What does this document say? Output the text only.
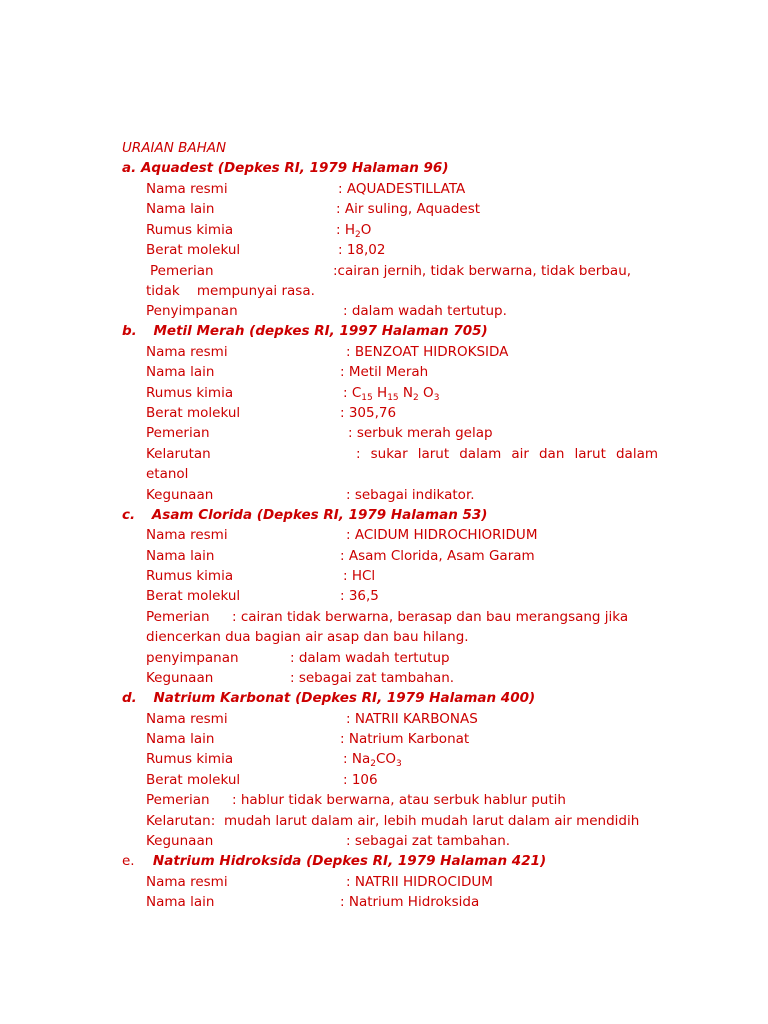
URAIAN BAHAN
a. Aquadest (Depkes RI, 1979 Halaman 96)
Nama resmi	: AQUADESTILLATA
Nama lain	: Air suling, Aquadest
Rumus kimia	: $H_2O$
Berat molekul	: 18,02
Pemerian	:cairan jernih, tidak berwarna, tidak berbau,
tidak    mempunyai rasa.
Penyimpanan	: dalam wadah tertutup.
b. Metil Merah (depkes RI, 1997 Halaman 705)
Nama resmi	: BENZOAT HIDROKSIDA
Nama lain	: Metil Merah
Rumus kimia	: $C_{15}$ $H_{15}$ $N_2$ $O_3$
Berat molekul	: 305,76
Pemerian	: serbuk merah gelap
Kelarutan	: sukar larut dalam air dan larut dalam
etanol
Kegunaan	: sebagai indikator.
c. Asam Clorida (Depkes RI, 1979 Halaman 53)
Nama resmi	: ACIDUM HIDROCHIORIDUM
Nama lain	: Asam Clorida, Asam Garam
Rumus kimia	: HCl
Berat molekul	: 36,5
Pemerian : cairan tidak berwarna, berasap dan bau merangsang jika
diencerkan dua bagian air asap dan bau hilang.
penyimpanan	: dalam wadah tertutup
Kegunaan	: sebagai zat tambahan.
d. Natrium Karbonat (Depkes RI, 1979 Halaman 400)
Nama resmi	: NATRII KARBONAS
Nama lain	: Natrium Karbonat
Rumus kimia	: $Na_2CO_3$
Berat molekul	: 106
Pemerian : hablur tidak berwarna, atau serbuk hablur putih
Kelarutan: mudah larut dalam air, lebih mudah larut dalam air mendidih
Kegunaan	: sebagai zat tambahan.
e. Natrium Hidroksida (Depkes RI, 1979 Halaman 421)
Nama resmi	: NATRII HIDROCIDUM
Nama lain	: Natrium Hidroksida
